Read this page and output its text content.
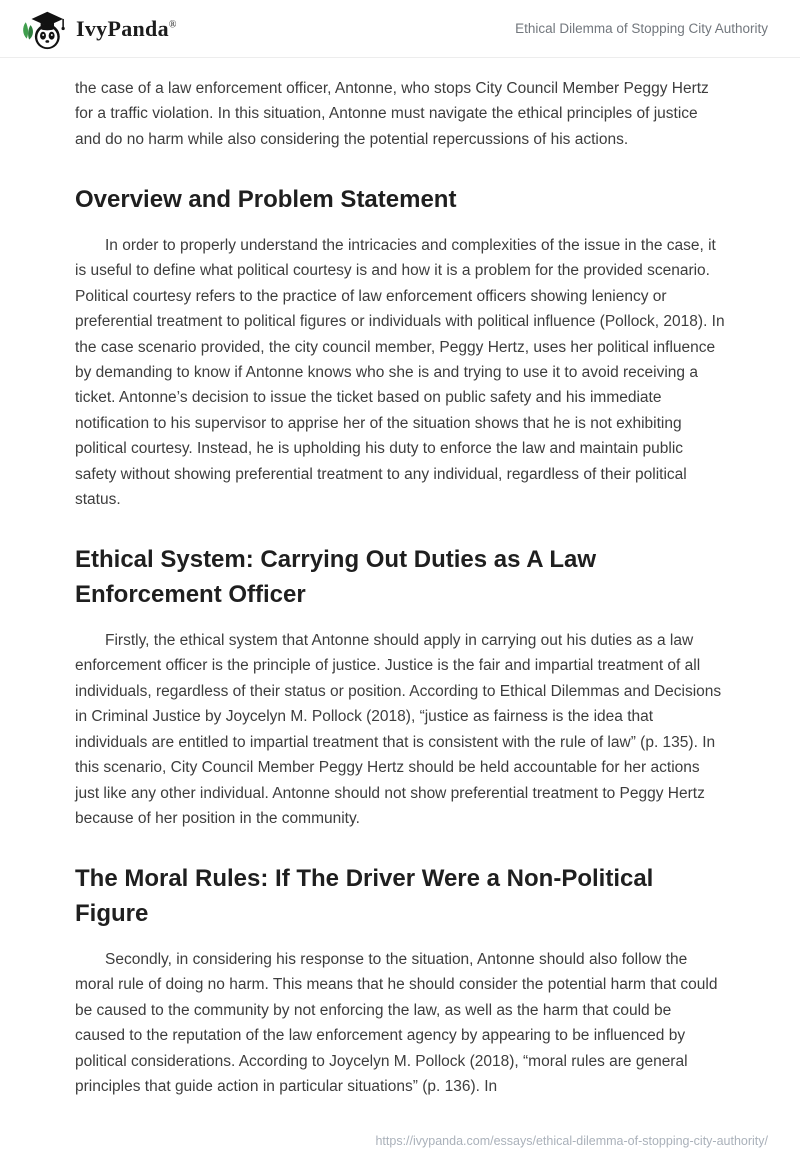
IvyPanda®	Ethical Dilemma of Stopping City Authority

the case of a law enforcement officer, Antonne, who stops City Council Member Peggy Hertz for a traffic violation. In this situation, Antonne must navigate the ethical principles of justice and do no harm while also considering the potential repercussions of his actions.

Overview and Problem Statement

In order to properly understand the intricacies and complexities of the issue in the case, it is useful to define what political courtesy is and how it is a problem for the provided scenario. Political courtesy refers to the practice of law enforcement officers showing leniency or preferential treatment to political figures or individuals with political influence (Pollock, 2018). In the case scenario provided, the city council member, Peggy Hertz, uses her political influence by demanding to know if Antonne knows who she is and trying to use it to avoid receiving a ticket. Antonne’s decision to issue the ticket based on public safety and his immediate notification to his supervisor to apprise her of the situation shows that he is not exhibiting political courtesy. Instead, he is upholding his duty to enforce the law and maintain public safety without showing preferential treatment to any individual, regardless of their political status.

Ethical System: Carrying Out Duties as A Law Enforcement Officer

Firstly, the ethical system that Antonne should apply in carrying out his duties as a law enforcement officer is the principle of justice. Justice is the fair and impartial treatment of all individuals, regardless of their status or position. According to Ethical Dilemmas and Decisions in Criminal Justice by Joycelyn M. Pollock (2018), “justice as fairness is the idea that individuals are entitled to impartial treatment that is consistent with the rule of law” (p. 135). In this scenario, City Council Member Peggy Hertz should be held accountable for her actions just like any other individual. Antonne should not show preferential treatment to Peggy Hertz because of her position in the community.

The Moral Rules: If The Driver Were a Non-Political Figure

Secondly, in considering his response to the situation, Antonne should also follow the moral rule of doing no harm. This means that he should consider the potential harm that could be caused to the community by not enforcing the law, as well as the harm that could be caused to the reputation of the law enforcement agency by appearing to be influenced by political considerations. According to Joycelyn M. Pollock (2018), “moral rules are general principles that guide action in particular situations” (p. 136). In

https://ivypanda.com/essays/ethical-dilemma-of-stopping-city-authority/
